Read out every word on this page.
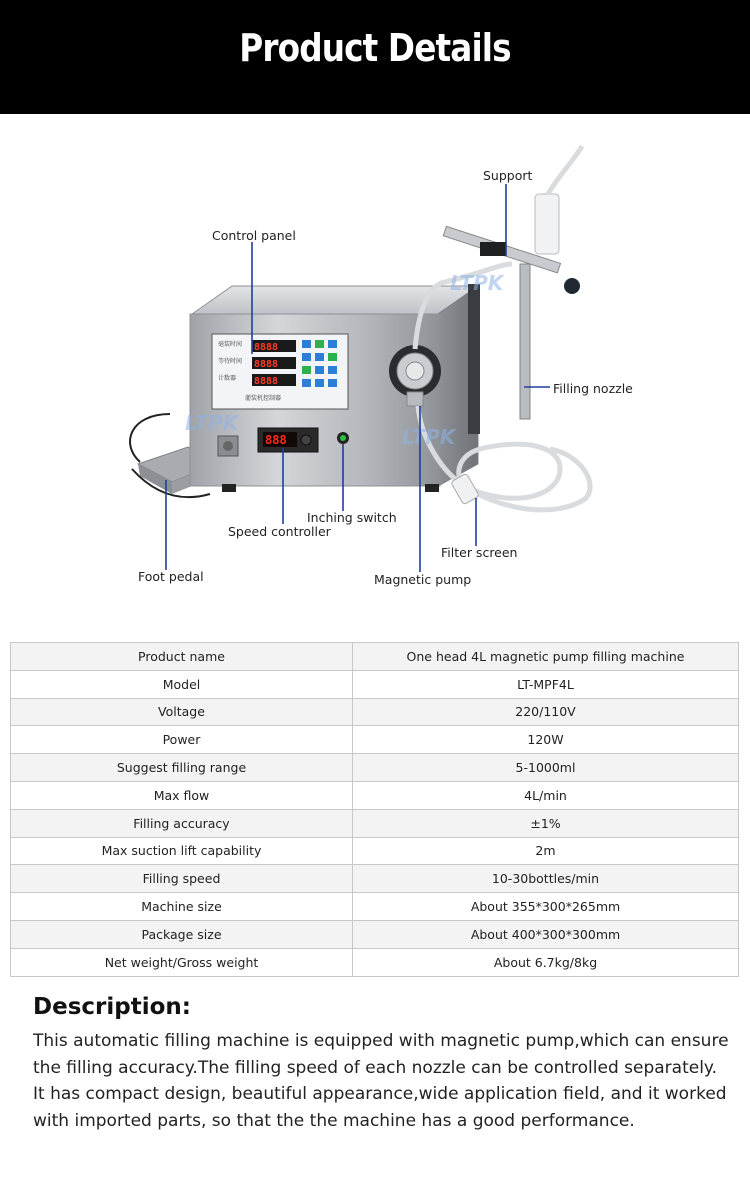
Product Details
毫装时间
等待时间
计数器
灌装机控制器
8888
8888
8888
888
LTPK
LTPK
LTPK
Support
Control panel
Filling nozzle
Inching switch
Speed controller
Filter screen
Foot pedal	Magnetic pump
Product name	One head 4L magnetic pump filling machine
Model	LT-MPF4L
Voltage	220/110V
Power	120W
Suggest filling range	5-1000ml
Max flow	4L/min
Filling accuracy	±1%
Max suction lift capability	2m
Filling speed	10-30bottles/min
Machine size	About 355*300*265mm
Package size	About 400*300*300mm
Net weight/Gross weight	About 6.7kg/8kg
Description:
This automatic filling machine is equipped with magnetic pump,which can ensure the filling accuracy.The filling speed of each nozzle can be controlled separately. It has compact design, beautiful appearance,wide application field, and it worked with imported parts, so that the the machine has a good performance.
